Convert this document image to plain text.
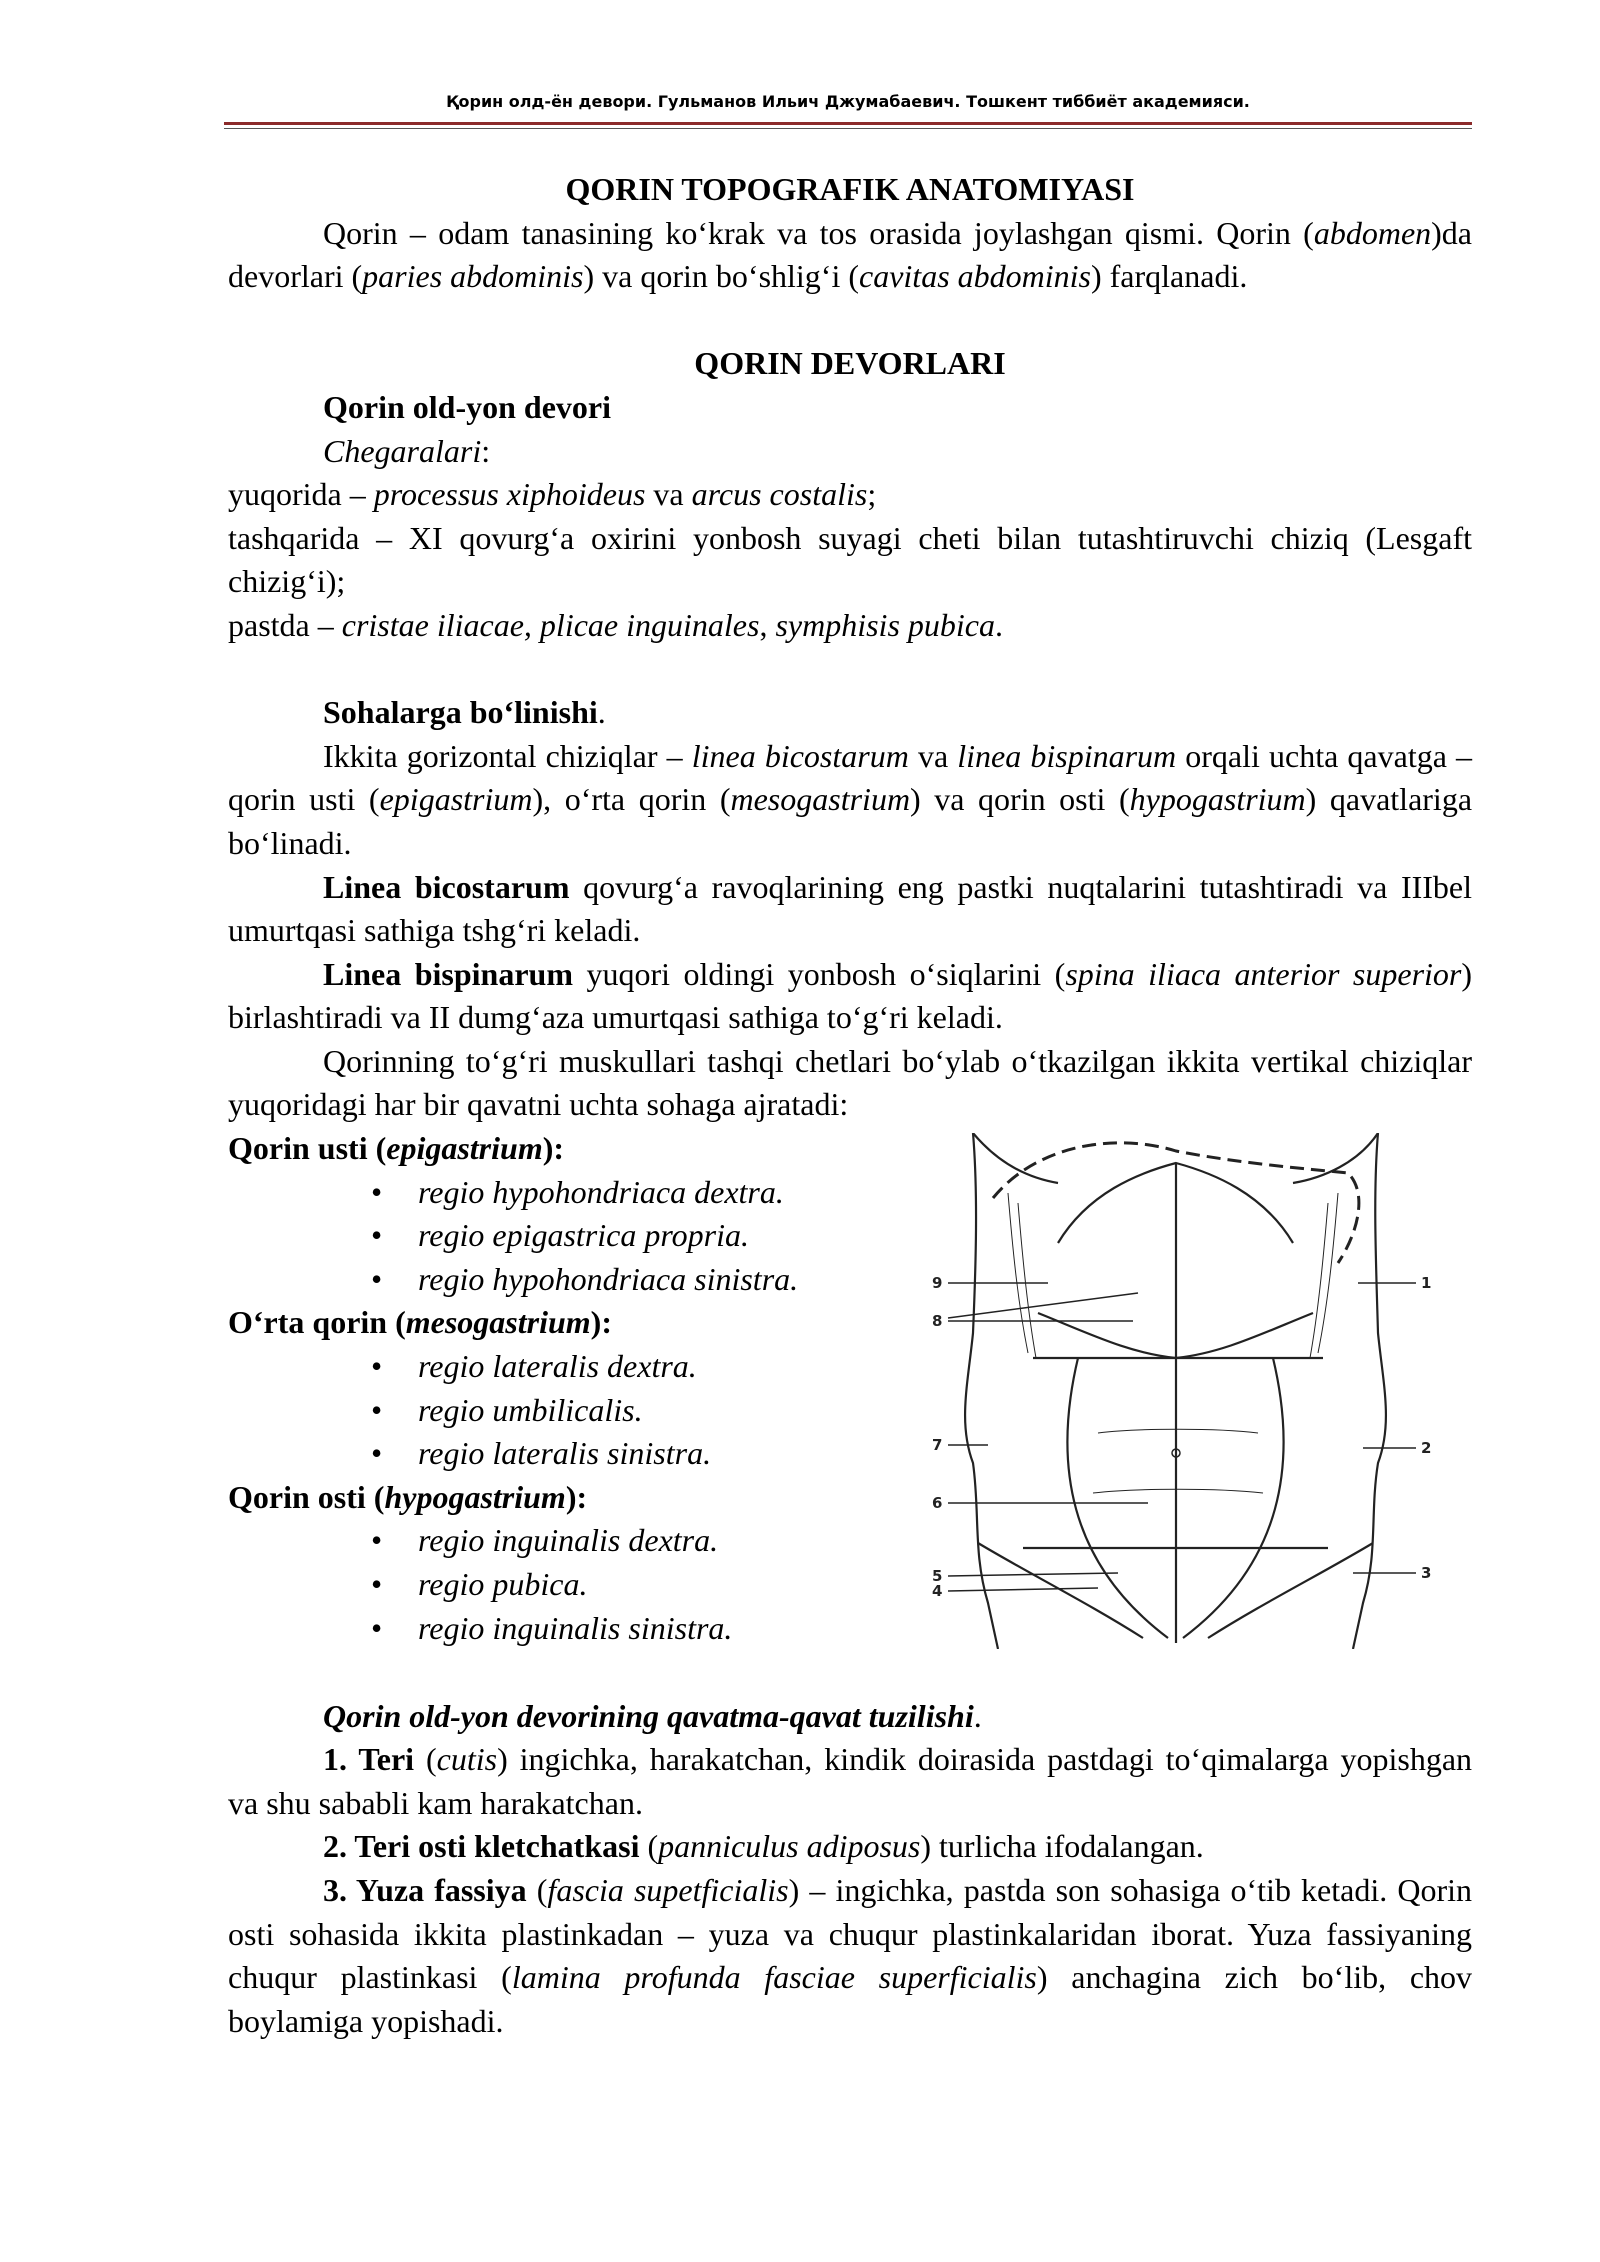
Қорин олд-ён девори. Гульманов Ильич Джумабаевич. Тошкент тиббиёт академияси.

QORIN TOPOGRAFIK ANATOMIYASI

Qorin – odam tanasining ko‘krak va tos orasida joylashgan qismi. Qorin (abdomen)da devorlari (paries abdominis) va qorin bo‘shlig‘i (cavitas abdominis) farqlanadi.

QORIN DEVORLARI

Qorin old-yon devori

Chegaralari:

yuqorida – processus xiphoideus va arcus costalis;

tashqarida – XI qovurg‘a oxirini yonbosh suyagi cheti bilan tutashtiruvchi chiziq (Lesgaft chizig‘i);

pastda – cristae iliacae, plicae inguinales, symphisis pubica.

Sohalarga bo‘linishi.

Ikkita gorizontal chiziqlar – linea bicostarum va linea bispinarum orqali uchta qavatga – qorin usti (epigastrium), o‘rta qorin (mesogastrium) va qorin osti (hypogastrium) qavatlariga bo‘linadi.

Linea bicostarum qovurg‘a ravoqlarining eng pastki nuqtalarini tutashtiradi va IIIbel umurtqasi sathiga tshg‘ri keladi.

Linea bispinarum yuqori oldingi yonbosh o‘siqlarini (spina iliaca anterior superior) birlashtiradi va II dumg‘aza umurtqasi sathiga to‘g‘ri keladi.

Qorinning to‘g‘ri muskullari tashqi chetlari bo‘ylab o‘tkazilgan ikkita vertikal chiziqlar yuqoridagi har bir qavatni uchta sohaga ajratadi:

Qorin usti (epigastrium):

• regio hypohondriaca dextra.
• regio epigastrica propria.
• regio hypohondriaca sinistra.

O‘rta qorin (mesogastrium):

• regio lateralis dextra.
• regio umbilicalis.
• regio lateralis sinistra.

Qorin osti (hypogastrium):

• regio inguinalis dextra.
• regio pubica.
• regio inguinalis sinistra.
1
2
3
4
5
6
7
8
9

Qorin old-yon devorining qavatma-qavat tuzilishi.

1. Teri (cutis) ingichka, harakatchan, kindik doirasida pastdagi to‘qimalarga yopishgan va shu sababli kam harakatchan.

2. Teri osti kletchatkasi (panniculus adiposus) turlicha ifodalangan.

3. Yuza fassiya (fascia supetficialis) – ingichka, pastda son sohasiga o‘tib ketadi. Qorin osti sohasida ikkita plastinkadan – yuza va chuqur plastinkalaridan iborat. Yuza fassiyaning chuqur plastinkasi (lamina profunda fasciae superficialis) anchagina zich bo‘lib, chov boylamiga yopishadi.
